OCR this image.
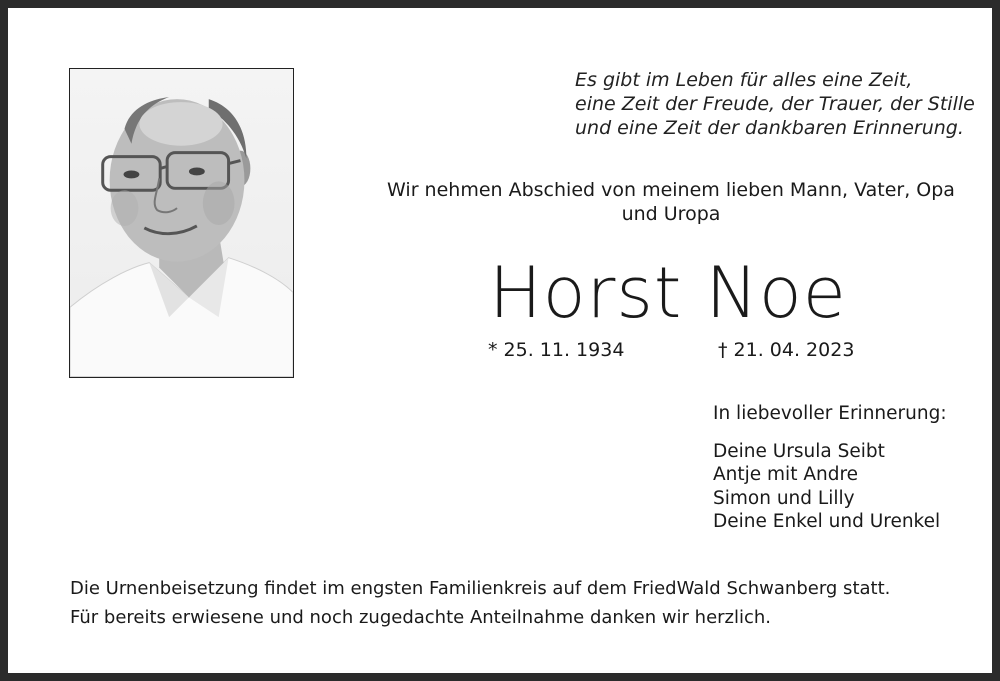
Es gibt im Leben für alles eine Zeit,
eine Zeit der Freude, der Trauer, der Stille
und eine Zeit der dankbaren Erinnerung.
Wir nehmen Abschied von meinem lieben Mann, Vater, Opa
und Uropa
Horst Noe
* 25. 11. 1934	† 21. 04. 2023
In liebevoller Erinnerung:
Deine Ursula Seibt
Antje mit Andre
Simon und Lilly
Deine Enkel und Urenkel
Die Urnenbeisetzung findet im engsten Familienkreis auf dem FriedWald Schwanberg statt.
Für bereits erwiesene und noch zugedachte Anteilnahme danken wir herzlich.
